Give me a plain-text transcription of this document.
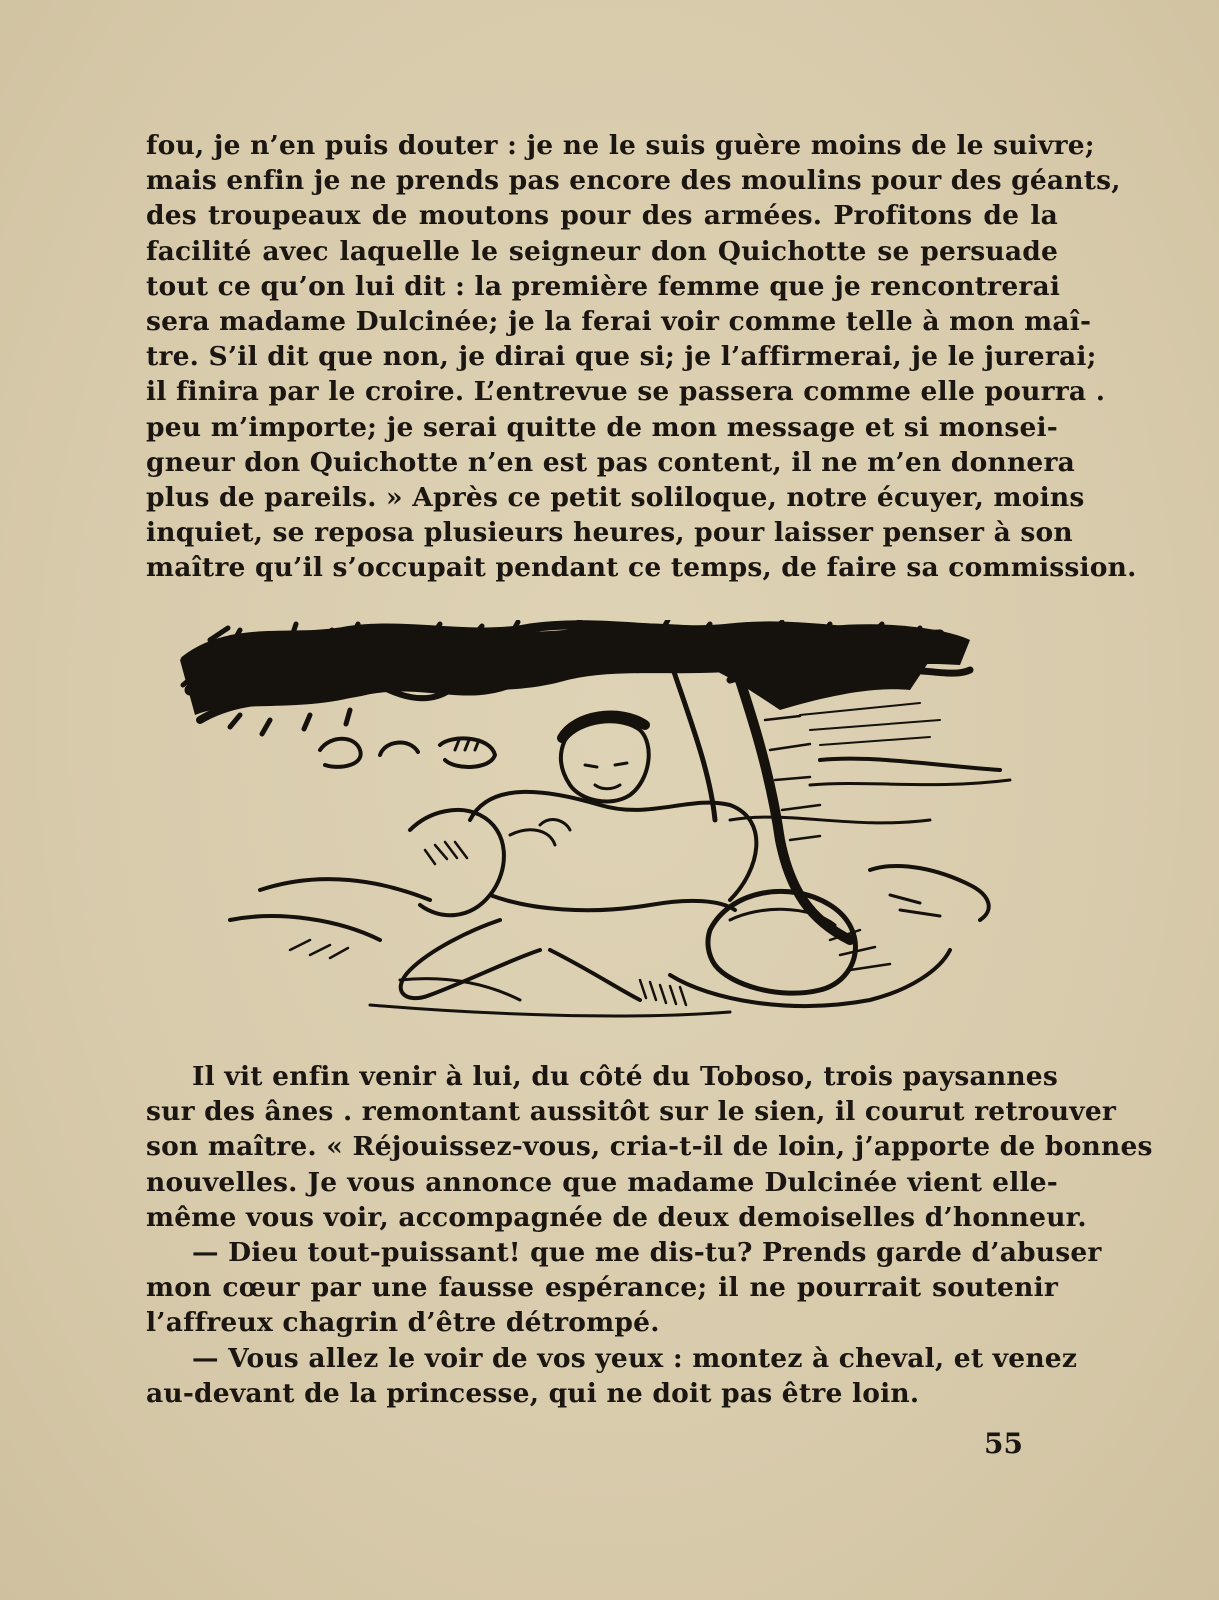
fou, je n’en puis douter : je ne le suis guère moins de le suivre;
mais enfin je ne prends pas encore des moulins pour des géants,
des troupeaux de moutons pour des armées. Profitons de la
facilité avec laquelle le seigneur don Quichotte se persuade
tout ce qu’on lui dit : la première femme que je rencontrerai
sera madame Dulcinée; je la ferai voir comme telle à mon maî-
tre. S’il dit que non, je dirai que si; je l’affirmerai, je le jurerai;
il finira par le croire. L’entrevue se passera comme elle pourra .
peu m’importe; je serai quitte de mon message et si monsei-
gneur don Quichotte n’en est pas content, il ne m’en donnera
plus de pareils. » Après ce petit soliloque, notre écuyer, moins
inquiet, se reposa plusieurs heures, pour laisser penser à son
maître qu’il s’occupait pendant ce temps, de faire sa commission.
Il vit enfin venir à lui, du côté du Toboso, trois paysannes
sur des ânes . remontant aussitôt sur le sien, il courut retrouver
son maître. « Réjouissez-vous, cria-t-il de loin, j’apporte de bonnes
nouvelles. Je vous annonce que madame Dulcinée vient elle-
même vous voir, accompagnée de deux demoiselles d’honneur.
— Dieu tout-puissant! que me dis-tu? Prends garde d’abuser
mon cœur par une fausse espérance; il ne pourrait soutenir
l’affreux chagrin d’être détrompé.
— Vous allez le voir de vos yeux : montez à cheval, et venez
au-devant de la princesse, qui ne doit pas être loin.
55
